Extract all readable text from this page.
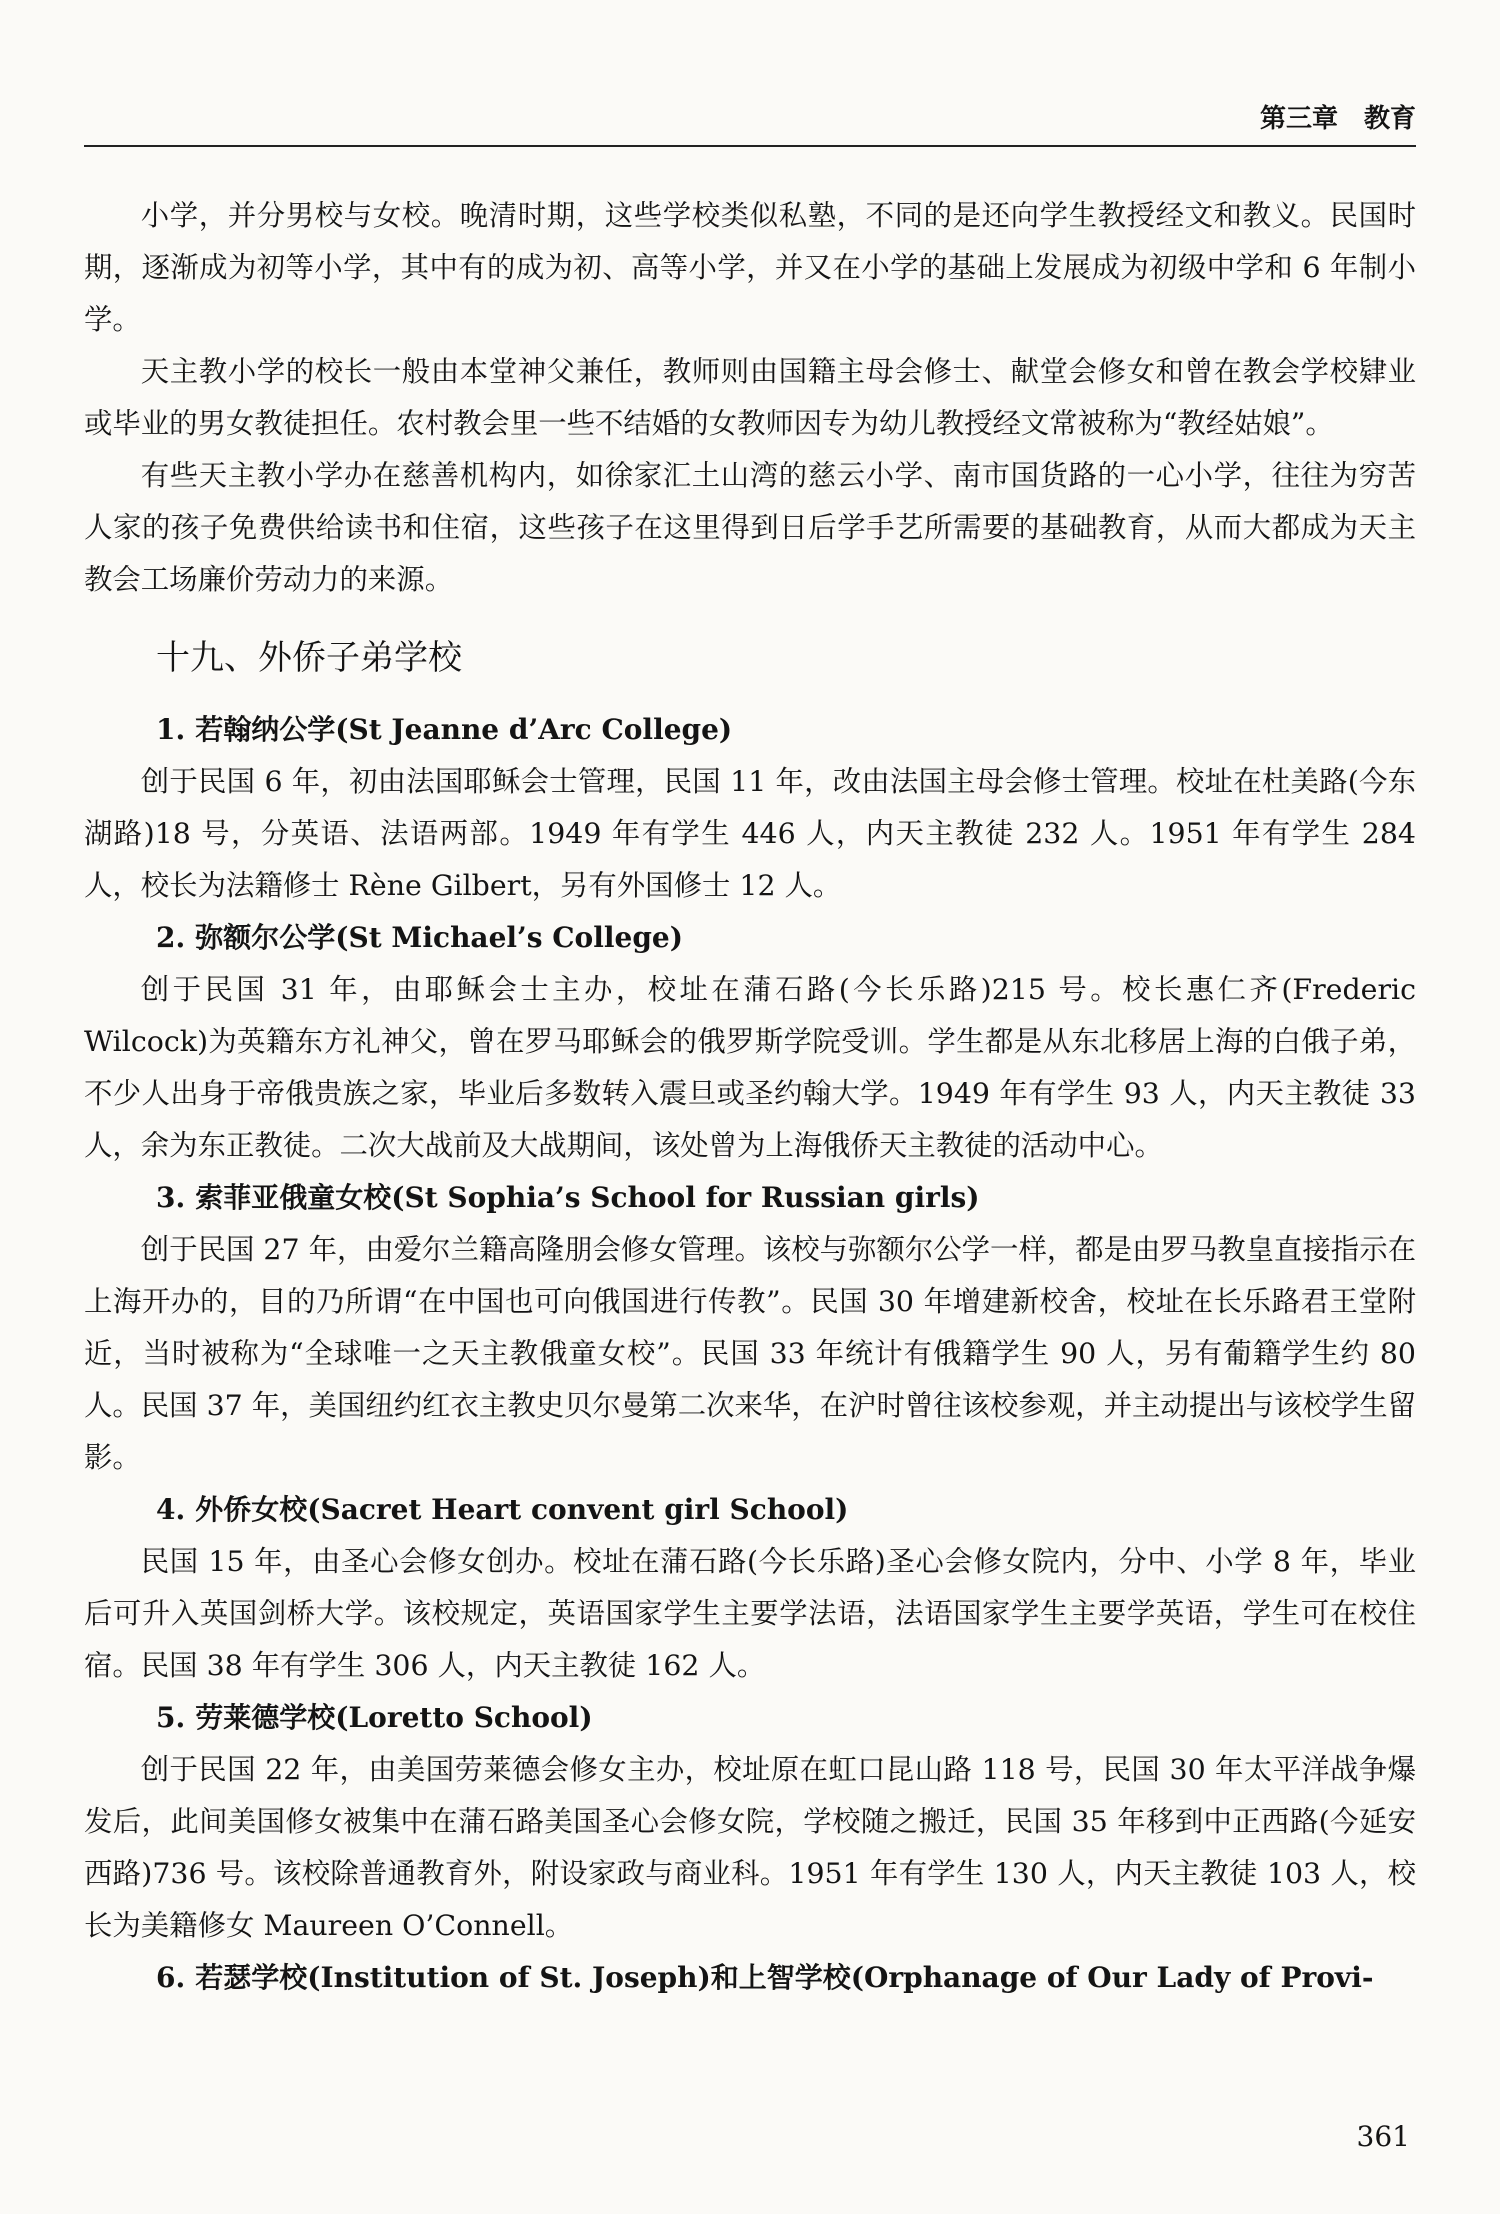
第三章 教育

小学，并分男校与女校。晚清时期，这些学校类似私塾，不同的是还向学生教授经文和教义。民国时期，逐渐成为初等小学，其中有的成为初、高等小学，并又在小学的基础上发展成为初级中学和 6 年制小学。

天主教小学的校长一般由本堂神父兼任，教师则由国籍主母会修士、献堂会修女和曾在教会学校肄业或毕业的男女教徒担任。农村教会里一些不结婚的女教师因专为幼儿教授经文常被称为“教经姑娘”。

有些天主教小学办在慈善机构内，如徐家汇土山湾的慈云小学、南市国货路的一心小学，往往为穷苦人家的孩子免费供给读书和住宿，这些孩子在这里得到日后学手艺所需要的基础教育，从而大都成为天主教会工场廉价劳动力的来源。

十九、外侨子弟学校
1. 若翰纳公学(St Jeanne d’Arc College)

创于民国 6 年，初由法国耶稣会士管理，民国 11 年，改由法国主母会修士管理。校址在杜美路(今东湖路)18 号，分英语、法语两部。1949 年有学生 446 人，内天主教徒 232 人。1951 年有学生 284 人，校长为法籍修士 Rène Gilbert，另有外国修士 12 人。

2. 弥额尔公学(St Michael’s College)

创于民国 31 年，由耶稣会士主办，校址在蒲石路(今长乐路)215 号。校长惠仁齐(Frederic Wilcock)为英籍东方礼神父，曾在罗马耶稣会的俄罗斯学院受训。学生都是从东北移居上海的白俄子弟，不少人出身于帝俄贵族之家，毕业后多数转入震旦或圣约翰大学。1949 年有学生 93 人，内天主教徒 33 人，余为东正教徒。二次大战前及大战期间，该处曾为上海俄侨天主教徒的活动中心。

3. 索菲亚俄童女校(St Sophia’s School for Russian girls)

创于民国 27 年，由爱尔兰籍高隆朋会修女管理。该校与弥额尔公学一样，都是由罗马教皇直接指示在上海开办的，目的乃所谓“在中国也可向俄国进行传教”。民国 30 年增建新校舍，校址在长乐路君王堂附近，当时被称为“全球唯一之天主教俄童女校”。民国 33 年统计有俄籍学生 90 人，另有葡籍学生约 80 人。民国 37 年，美国纽约红衣主教史贝尔曼第二次来华，在沪时曾往该校参观，并主动提出与该校学生留影。

4. 外侨女校(Sacret Heart convent girl School)

民国 15 年，由圣心会修女创办。校址在蒲石路(今长乐路)圣心会修女院内，分中、小学 8 年，毕业后可升入英国剑桥大学。该校规定，英语国家学生主要学法语，法语国家学生主要学英语，学生可在校住宿。民国 38 年有学生 306 人，内天主教徒 162 人。

5. 劳莱德学校(Loretto School)

创于民国 22 年，由美国劳莱德会修女主办，校址原在虹口昆山路 118 号，民国 30 年太平洋战争爆发后，此间美国修女被集中在蒲石路美国圣心会修女院，学校随之搬迁，民国 35 年移到中正西路(今延安西路)736 号。该校除普通教育外，附设家政与商业科。1951 年有学生 130 人，内天主教徒 103 人，校长为美籍修女 Maureen O’Connell。

6. 若瑟学校(Institution of St. Joseph)和上智学校(Orphanage of Our Lady of Provi-
361
